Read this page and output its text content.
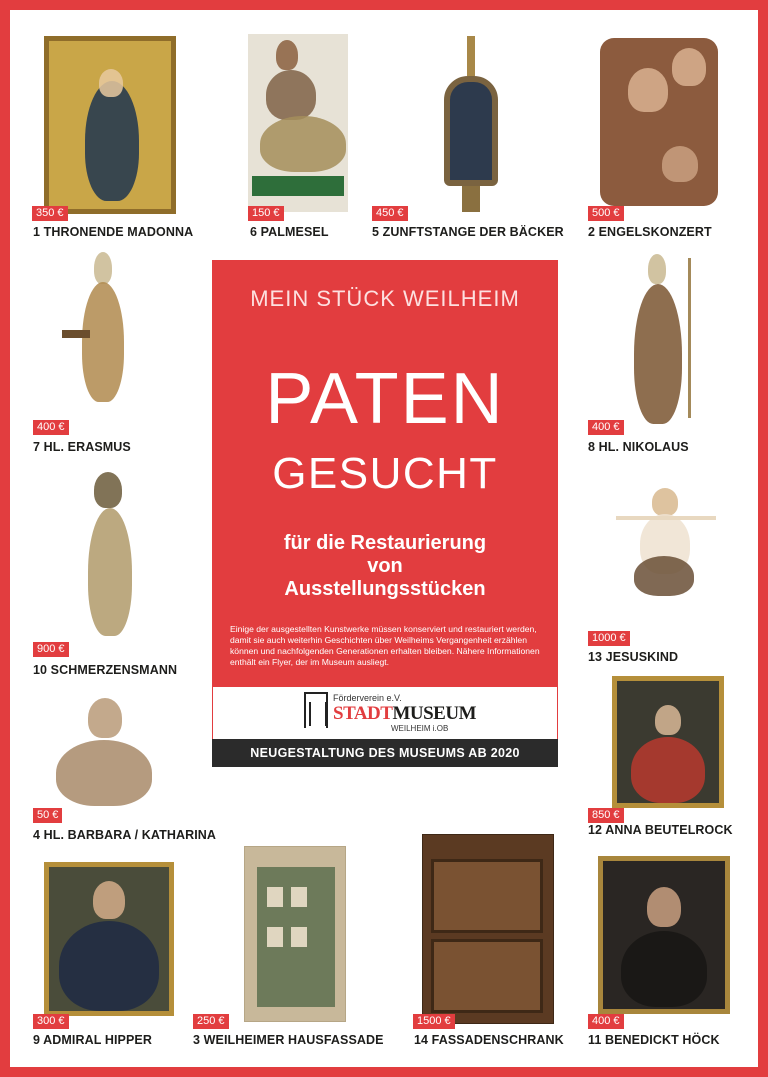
350 €
1 THRONENDE MADONNA
150 €
6 PALMESEL
450 €
5 ZUNFTSTANGE DER BÄCKER
500 €
2 ENGELSKONZERT
400 €
7 HL. ERASMUS
400 €
8 HL. NIKOLAUS
900 €
10 SCHMERZENSMANN
1000 €
13 JESUSKIND
50 €
4 HL. BARBARA / KATHARINA
850 €
12 ANNA BEUTELROCK
300 €
9 ADMIRAL HIPPER
250 €
3 WEILHEIMER HAUSFASSADE
1500 €
14 FASSADENSCHRANK
400 €
11 BENEDICKT HÖCK
MEIN STÜCK WEILHEIM
PATEN
GESUCHT
für die Restaurierung
von
Ausstellungsstücken
Einige der ausgestellten Kunstwerke müssen konserviert und restauriert werden, damit sie auch weiterhin Geschichten über Weilheims Vergangenheit erzählen können und nachfolgenden Generationen erhalten bleiben. Nähere Informationen enthält ein Flyer, der im Museum ausliegt.
Förderverein e.V.
STADTMUSEUM
WEILHEIM i.OB
NEUGESTALTUNG DES MUSEUMS AB 2020
